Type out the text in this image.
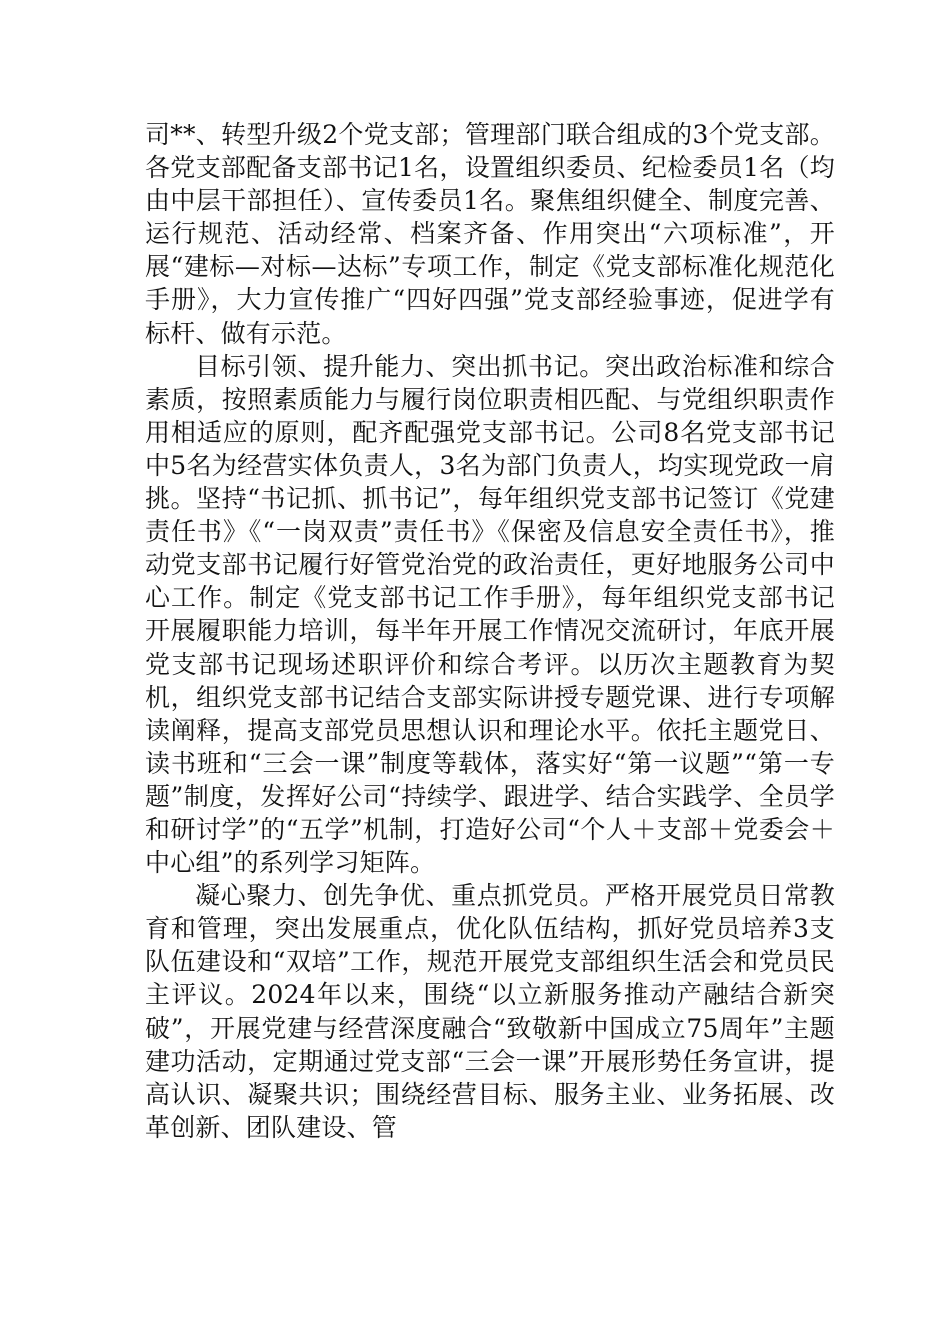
司**、转型升级2个党支部；管理部门联合组成的3个党支部。各党支部配备支部书记1名，设置组织委员、纪检委员1名（均由中层干部担任）、宣传委员1名。聚焦组织健全、制度完善、运行规范、活动经常、档案齐备、作用突出“六项标准”，开展“建标—对标—达标”专项工作，制定《党支部标准化规范化手册》，大力宣传推广“四好四强”党支部经验事迹，促进学有标杆、做有示范。

目标引领、提升能力、突出抓书记。突出政治标准和综合素质，按照素质能力与履行岗位职责相匹配、与党组织职责作用相适应的原则，配齐配强党支部书记。公司8名党支部书记中5名为经营实体负责人，3名为部门负责人，均实现党政一肩挑。坚持“书记抓、抓书记”，每年组织党支部书记签订《党建责任书》《“一岗双责”责任书》《保密及信息安全责任书》，推动党支部书记履行好管党治党的政治责任，更好地服务公司中心工作。制定《党支部书记工作手册》，每年组织党支部书记开展履职能力培训，每半年开展工作情况交流研讨，年底开展党支部书记现场述职评价和综合考评。以历次主题教育为契机，组织党支部书记结合支部实际讲授专题党课、进行专项解读阐释，提高支部党员思想认识和理论水平。依托主题党日、读书班和“三会一课”制度等载体，落实好“第一议题”“第一专题”制度，发挥好公司“持续学、跟进学、结合实践学、全员学和研讨学”的“五学”机制，打造好公司“个人＋支部＋党委会＋中心组”的系列学习矩阵。

凝心聚力、创先争优、重点抓党员。严格开展党员日常教育和管理，突出发展重点，优化队伍结构，抓好党员培养3支队伍建设和“双培”工作，规范开展党支部组织生活会和党员民主评议。2024年以来，围绕“以立新服务推动产融结合新突破”，开展党建与经营深度融合“致敬新中国成立75周年”主题建功活动，定期通过党支部“三会一课”开展形势任务宣讲，提高认识、凝聚共识；围绕经营目标、服务主业、业务拓展、改革创新、团队建设、管
